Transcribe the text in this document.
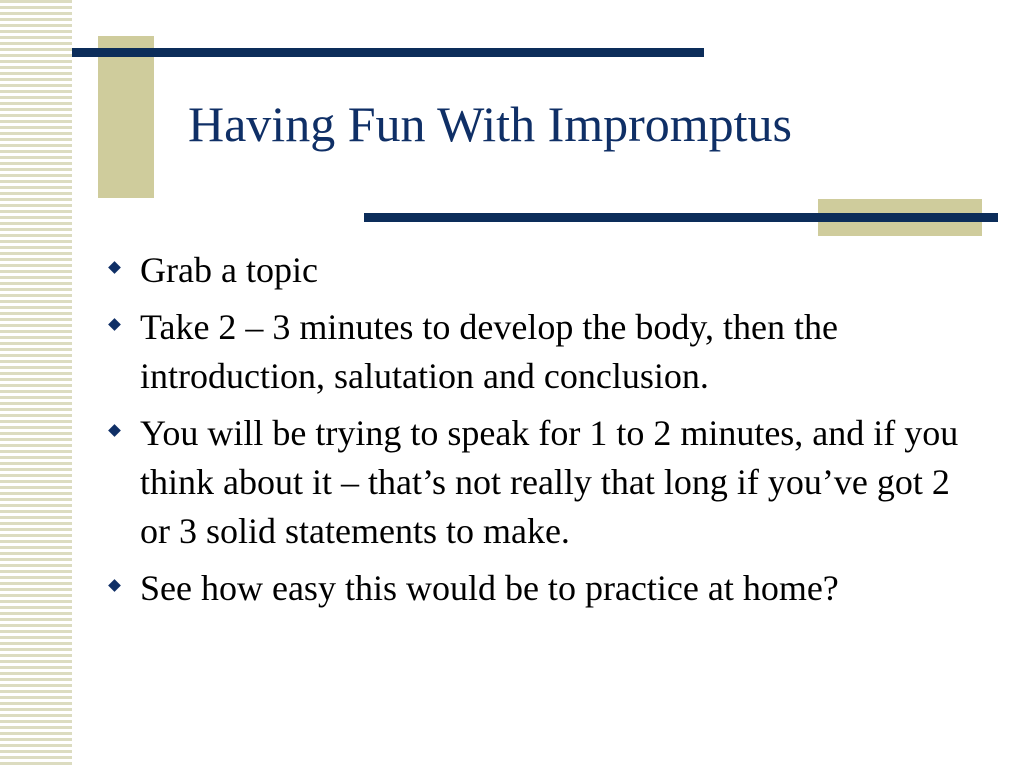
Having Fun With Impromptus
Grab a topic
Take 2 – 3 minutes to develop the body, then the introduction, salutation and conclusion.
You will be trying to speak for 1 to 2 minutes, and if you think about it – that’s not really that long if you’ve got 2 or 3 solid statements to make.
See how easy this would be to practice at home?
